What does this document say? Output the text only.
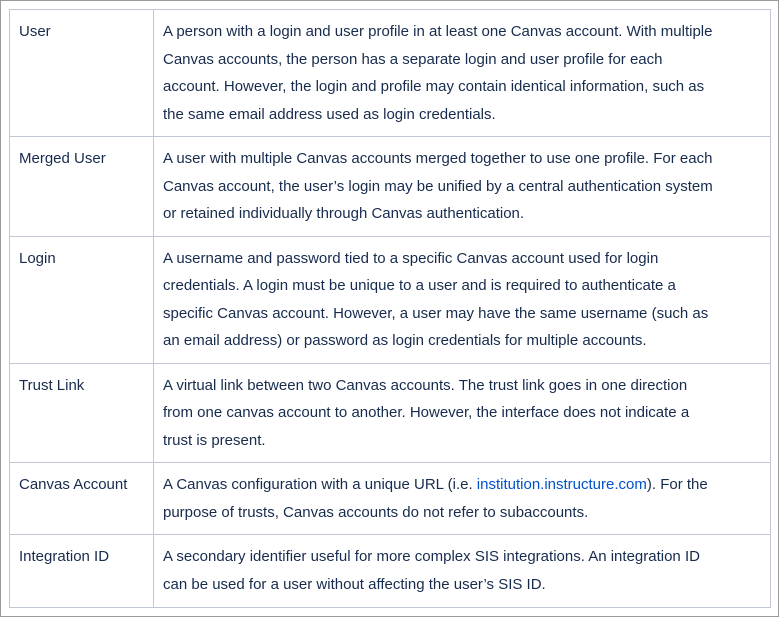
User	A person with a login and user profile in at least one Canvas account. With multiple
Canvas accounts, the person has a separate login and user profile for each
account. However, the login and profile may contain identical information, such as
the same email address used as login credentials.

Merged User	A user with multiple Canvas accounts merged together to use one profile. For each
Canvas account, the user’s login may be unified by a central authentication system
or retained individually through Canvas authentication.

Login	A username and password tied to a specific Canvas account used for login
credentials. A login must be unique to a user and is required to authenticate a
specific Canvas account. However, a user may have the same username (such as
an email address) or password as login credentials for multiple accounts.

Trust Link	A virtual link between two Canvas accounts. The trust link goes in one direction
from one canvas account to another. However, the interface does not indicate a
trust is present.

Canvas Account	A Canvas configuration with a unique URL (i.e. institution.instructure.com). For the
purpose of trusts, Canvas accounts do not refer to subaccounts.

Integration ID	A secondary identifier useful for more complex SIS integrations. An integration ID
can be used for a user without affecting the user’s SIS ID.
